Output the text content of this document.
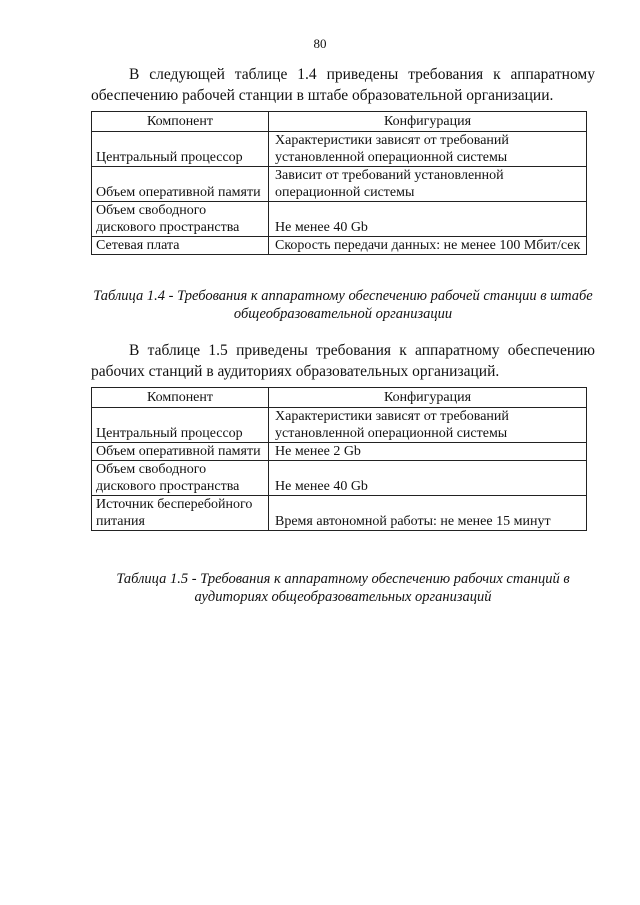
80

В следующей таблице 1.4 приведены требования к аппаратному обеспечению рабочей станции в штабе образовательной организации.

Компонент	Конфигурация
Центральный процессор	Характеристики зависят от требований установленной операционной системы
Объем оперативной памяти	Зависит от требований установленной операционной системы
Объем свободного дискового пространства	Не менее 40 Gb
Сетевая плата	Скорость передачи данных: не менее 100 Мбит/сек

Таблица 1.4 - Требования к аппаратному обеспечению рабочей станции в штабе общеобразовательной организации

В таблице 1.5 приведены требования к аппаратному обеспечению рабочих станций в аудиториях образовательных организаций.

Компонент	Конфигурация
Центральный процессор	Характеристики зависят от требований установленной операционной системы
Объем оперативной памяти	Не менее 2 Gb
Объем свободного дискового пространства	Не менее 40 Gb
Источник бесперебойного питания	Время автономной работы: не менее 15 минут

Таблица 1.5 - Требования к аппаратному обеспечению рабочих станций в аудиториях общеобразовательных организаций
